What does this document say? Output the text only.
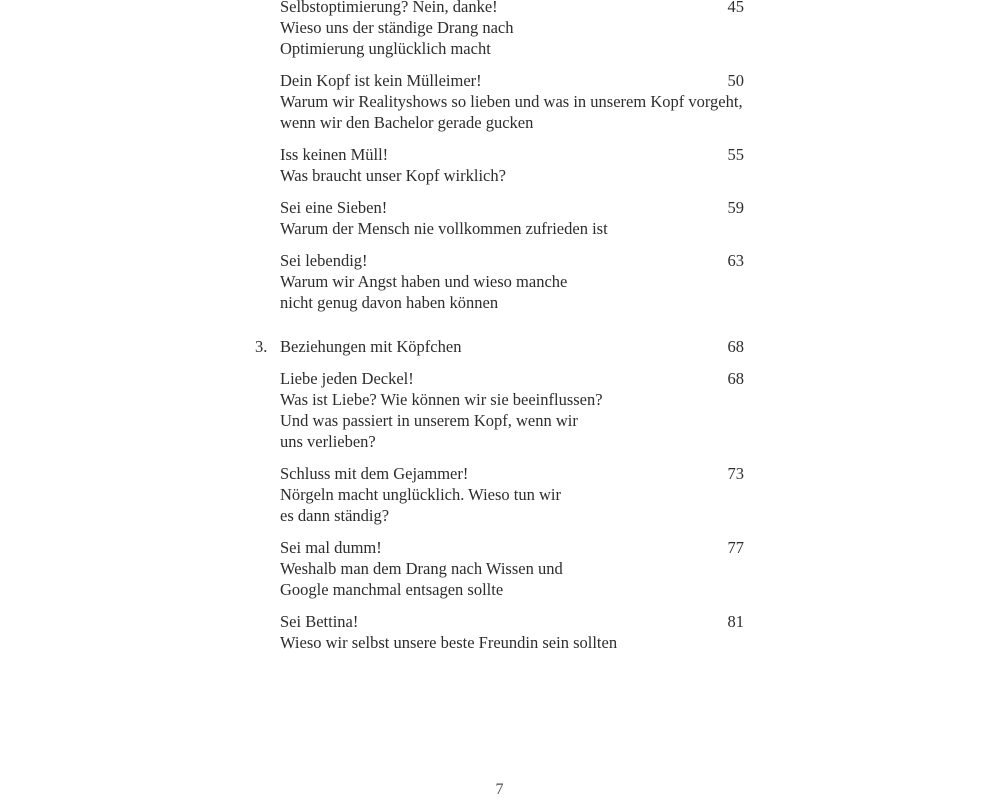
Selbstoptimierung? Nein, danke!	45
Wieso uns der ständige Drang nach
Optimierung unglücklich macht
Dein Kopf ist kein Mülleimer!	50
Warum wir Realityshows so lieben und was in unserem Kopf vorgeht,
wenn wir den Bachelor gerade gucken
Iss keinen Müll!	55
Was braucht unser Kopf wirklich?
Sei eine Sieben!	59
Warum der Mensch nie vollkommen zufrieden ist
Sei lebendig!	63
Warum wir Angst haben und wieso manche
nicht genug davon haben können
3. Beziehungen mit Köpfchen	68
Liebe jeden Deckel!	68
Was ist Liebe? Wie können wir sie beeinflussen?
Und was passiert in unserem Kopf, wenn wir
uns verlieben?
Schluss mit dem Gejammer!	73
Nörgeln macht unglücklich. Wieso tun wir
es dann ständig?
Sei mal dumm!	77
Weshalb man dem Drang nach Wissen und
Google manchmal entsagen sollte
Sei Bettina!	81
Wieso wir selbst unsere beste Freundin sein sollten
7
